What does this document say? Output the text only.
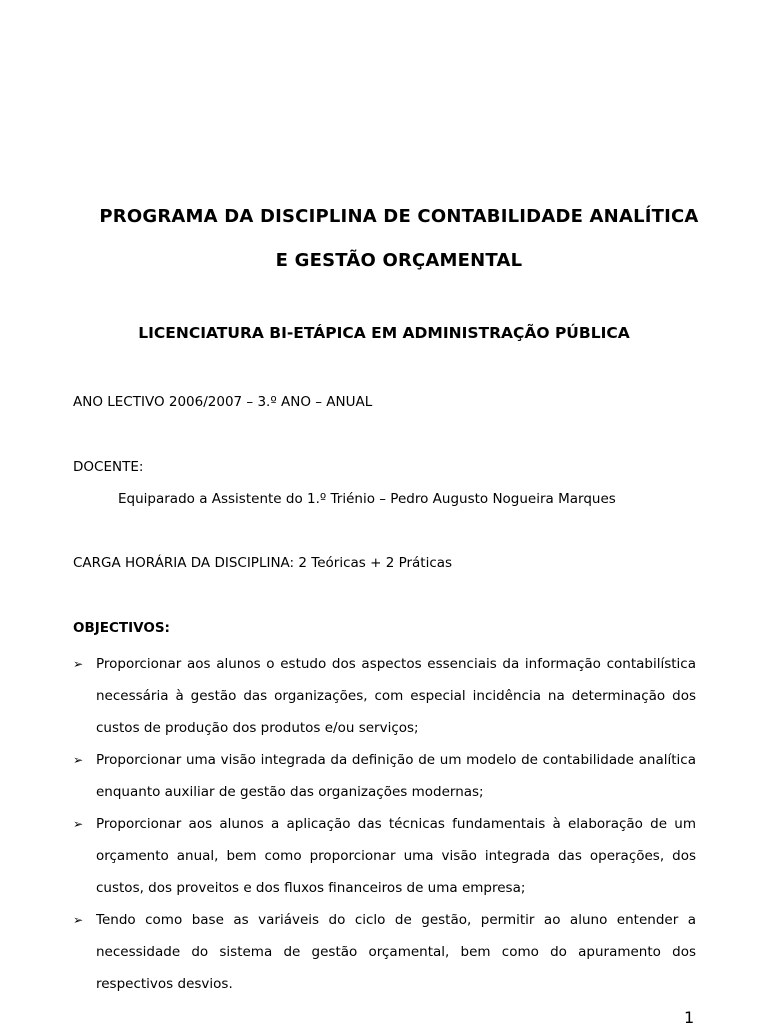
PROGRAMA DA DISCIPLINA DE CONTABILIDADE ANALÍTICA
E GESTÃO ORÇAMENTAL
LICENCIATURA BI-ETÁPICA EM ADMINISTRAÇÃO PÚBLICA
ANO LECTIVO 2006/2007 – 3.º ANO – ANUAL
DOCENTE:
Equiparado a Assistente do 1.º Triénio – Pedro Augusto Nogueira Marques
CARGA HORÁRIA DA DISCIPLINA: 2 Teóricas + 2 Práticas
OBJECTIVOS:
➢ Proporcionar aos alunos o estudo dos aspectos essenciais da informação contabilística necessária à gestão das organizações, com especial incidência na determinação dos custos de produção dos produtos e/ou serviços;
➢ Proporcionar uma visão integrada da definição de um modelo de contabilidade analítica enquanto auxiliar de gestão das organizações modernas;
➢ Proporcionar aos alunos a aplicação das técnicas fundamentais à elaboração de um orçamento anual, bem como proporcionar uma visão integrada das operações, dos custos, dos proveitos e dos fluxos financeiros de uma empresa;
➢ Tendo como base as variáveis do ciclo de gestão, permitir ao aluno entender a necessidade do sistema de gestão orçamental, bem como do apuramento dos respectivos desvios.
1
